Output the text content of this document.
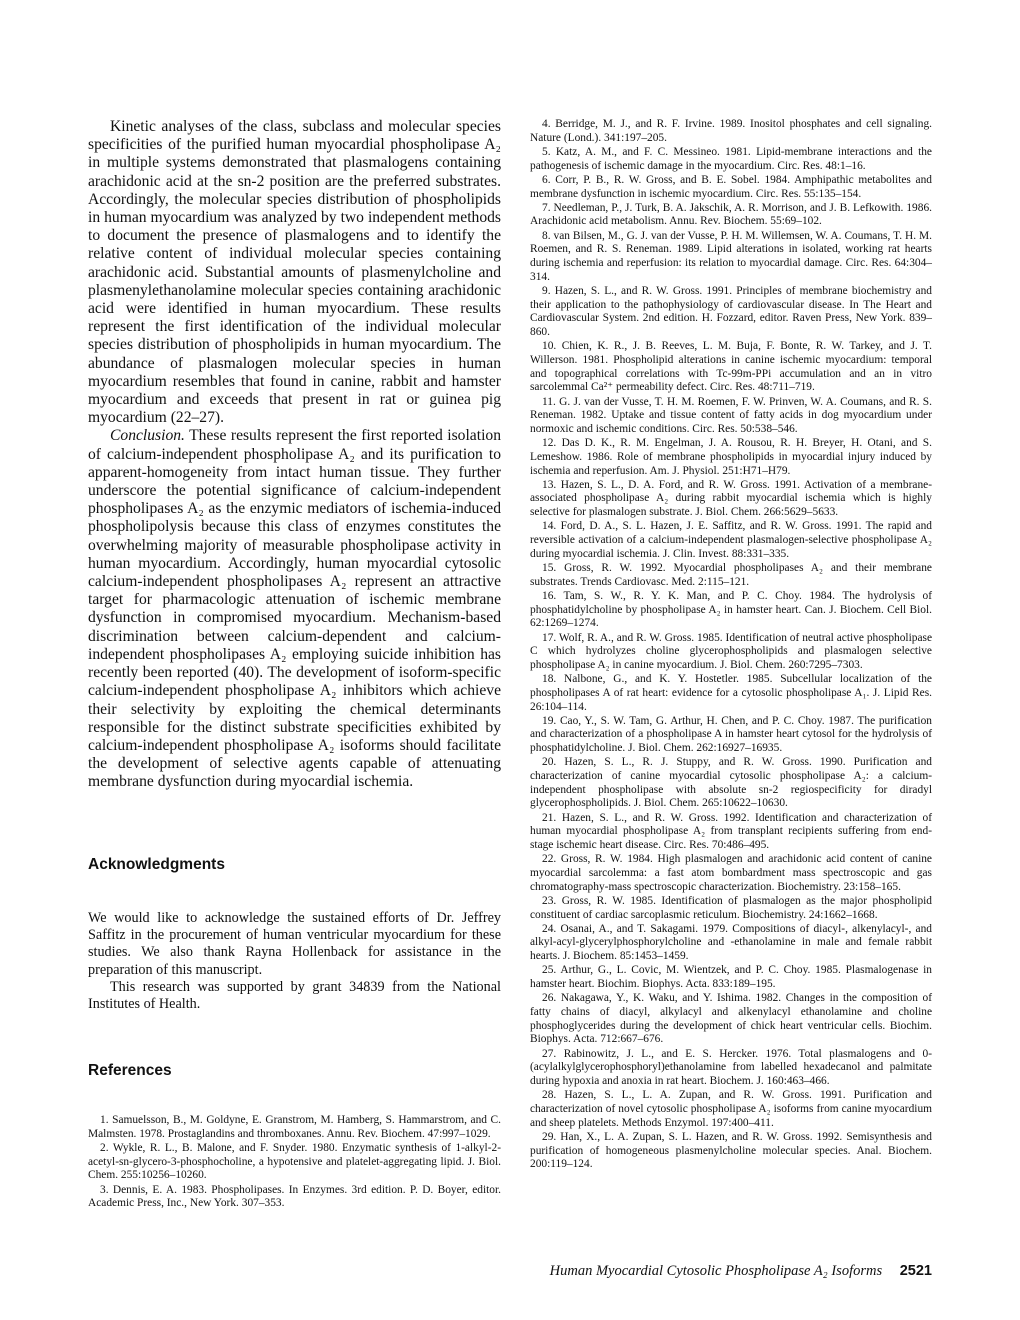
Kinetic analyses of the class, subclass and molecular species specificities of the purified human myocardial phospholipase A₂ in multiple systems demonstrated that plasmalogens containing arachidonic acid at the sn-2 position are the preferred substrates. Accordingly, the molecular species distribution of phospholipids in human myocardium was analyzed by two independent methods to document the presence of plasmalogens and to identify the relative content of individual molecular species containing arachidonic acid. Substantial amounts of plasmenylcholine and plasmenylethanolamine molecular species containing arachidonic acid were identified in human myocardium. These results represent the first identification of the individual molecular species distribution of phospholipids in human myocardium. The abundance of plasmalogen molecular species in human myocardium resembles that found in canine, rabbit and hamster myocardium and exceeds that present in rat or guinea pig myocardium (22–27).

Conclusion. These results represent the first reported isolation of calcium-independent phospholipase A₂ and its purification to apparent-homogeneity from intact human tissue. They further underscore the potential significance of calcium-independent phospholipases A₂ as the enzymic mediators of ischemia-induced phospholipolysis because this class of enzymes constitutes the overwhelming majority of measurable phospholipase activity in human myocardium. Accordingly, human myocardial cytosolic calcium-independent phospholipases A₂ represent an attractive target for pharmacologic attenuation of ischemic membrane dysfunction in compromised myocardium. Mechanism-based discrimination between calcium-dependent and calcium-independent phospholipases A₂ employing suicide inhibition has recently been reported (40). The development of isoform-specific calcium-independent phospholipase A₂ inhibitors which achieve their selectivity by exploiting the chemical determinants responsible for the distinct substrate specificities exhibited by calcium-independent phospholipase A₂ isoforms should facilitate the development of selective agents capable of attenuating membrane dysfunction during myocardial ischemia.

Acknowledgments

We would like to acknowledge the sustained efforts of Dr. Jeffrey Saffitz in the procurement of human ventricular myocardium for these studies. We also thank Rayna Hollenback for assistance in the preparation of this manuscript.

This research was supported by grant 34839 from the National Institutes of Health.

References

1. Samuelsson, B., M. Goldyne, E. Granstrom, M. Hamberg, S. Hammarstrom, and C. Malmsten. 1978. Prostaglandins and thromboxanes. Annu. Rev. Biochem. 47:997–1029.

2. Wykle, R. L., B. Malone, and F. Snyder. 1980. Enzymatic synthesis of 1-alkyl-2-acetyl-sn-glycero-3-phosphocholine, a hypotensive and platelet-aggregating lipid. J. Biol. Chem. 255:10256–10260.

3. Dennis, E. A. 1983. Phospholipases. In Enzymes. 3rd edition. P. D. Boyer, editor. Academic Press, Inc., New York. 307–353.

4. Berridge, M. J., and R. F. Irvine. 1989. Inositol phosphates and cell signaling. Nature (Lond.). 341:197–205.

5. Katz, A. M., and F. C. Messineo. 1981. Lipid-membrane interactions and the pathogenesis of ischemic damage in the myocardium. Circ. Res. 48:1–16.

6. Corr, P. B., R. W. Gross, and B. E. Sobel. 1984. Amphipathic metabolites and membrane dysfunction in ischemic myocardium. Circ. Res. 55:135–154.

7. Needleman, P., J. Turk, B. A. Jakschik, A. R. Morrison, and J. B. Lefkowith. 1986. Arachidonic acid metabolism. Annu. Rev. Biochem. 55:69–102.

8. van Bilsen, M., G. J. van der Vusse, P. H. M. Willemsen, W. A. Coumans, T. H. M. Roemen, and R. S. Reneman. 1989. Lipid alterations in isolated, working rat hearts during ischemia and reperfusion: its relation to myocardial damage. Circ. Res. 64:304–314.

9. Hazen, S. L., and R. W. Gross. 1991. Principles of membrane biochemistry and their application to the pathophysiology of cardiovascular disease. In The Heart and Cardiovascular System. 2nd edition. H. Fozzard, editor. Raven Press, New York. 839–860.

10. Chien, K. R., J. B. Reeves, L. M. Buja, F. Bonte, R. W. Tarkey, and J. T. Willerson. 1981. Phospholipid alterations in canine ischemic myocardium: temporal and topographical correlations with Tc-99m-PPi accumulation and an in vitro sarcolemmal Ca²⁺ permeability defect. Circ. Res. 48:711–719.

11. G. J. van der Vusse, T. H. M. Roemen, F. W. Prinven, W. A. Coumans, and R. S. Reneman. 1982. Uptake and tissue content of fatty acids in dog myocardium under normoxic and ischemic conditions. Circ. Res. 50:538–546.

12. Das D. K., R. M. Engelman, J. A. Rousou, R. H. Breyer, H. Otani, and S. Lemeshow. 1986. Role of membrane phospholipids in myocardial injury induced by ischemia and reperfusion. Am. J. Physiol. 251:H71–H79.

13. Hazen, S. L., D. A. Ford, and R. W. Gross. 1991. Activation of a membrane-associated phospholipase A₂ during rabbit myocardial ischemia which is highly selective for plasmalogen substrate. J. Biol. Chem. 266:5629–5633.

14. Ford, D. A., S. L. Hazen, J. E. Saffitz, and R. W. Gross. 1991. The rapid and reversible activation of a calcium-independent plasmalogen-selective phospholipase A₂ during myocardial ischemia. J. Clin. Invest. 88:331–335.

15. Gross, R. W. 1992. Myocardial phospholipases A₂ and their membrane substrates. Trends Cardiovasc. Med. 2:115–121.

16. Tam, S. W., R. Y. K. Man, and P. C. Choy. 1984. The hydrolysis of phosphatidylcholine by phospholipase A₂ in hamster heart. Can. J. Biochem. Cell Biol. 62:1269–1274.

17. Wolf, R. A., and R. W. Gross. 1985. Identification of neutral active phospholipase C which hydrolyzes choline glycerophospholipids and plasmalogen selective phospholipase A₂ in canine myocardium. J. Biol. Chem. 260:7295–7303.

18. Nalbone, G., and K. Y. Hostetler. 1985. Subcellular localization of the phospholipases A of rat heart: evidence for a cytosolic phospholipase A₁. J. Lipid Res. 26:104–114.

19. Cao, Y., S. W. Tam, G. Arthur, H. Chen, and P. C. Choy. 1987. The purification and characterization of a phospholipase A in hamster heart cytosol for the hydrolysis of phosphatidylcholine. J. Biol. Chem. 262:16927–16935.

20. Hazen, S. L., R. J. Stuppy, and R. W. Gross. 1990. Purification and characterization of canine myocardial cytosolic phospholipase A₂: a calcium-independent phospholipase with absolute sn-2 regiospecificity for diradyl glycerophospholipids. J. Biol. Chem. 265:10622–10630.

21. Hazen, S. L., and R. W. Gross. 1992. Identification and characterization of human myocardial phospholipase A₂ from transplant recipients suffering from end-stage ischemic heart disease. Circ. Res. 70:486–495.

22. Gross, R. W. 1984. High plasmalogen and arachidonic acid content of canine myocardial sarcolemma: a fast atom bombardment mass spectroscopic and gas chromatography-mass spectroscopic characterization. Biochemistry. 23:158–165.

23. Gross, R. W. 1985. Identification of plasmalogen as the major phospholipid constituent of cardiac sarcoplasmic reticulum. Biochemistry. 24:1662–1668.

24. Osanai, A., and T. Sakagami. 1979. Compositions of diacyl-, alkenylacyl-, and alkyl-acyl-glycerylphosphorylcholine and -ethanolamine in male and female rabbit hearts. J. Biochem. 85:1453–1459.

25. Arthur, G., L. Covic, M. Wientzek, and P. C. Choy. 1985. Plasmalogenase in hamster heart. Biochim. Biophys. Acta. 833:189–195.

26. Nakagawa, Y., K. Waku, and Y. Ishima. 1982. Changes in the composition of fatty chains of diacyl, alkylacyl and alkenylacyl ethanolamine and choline phosphoglycerides during the development of chick heart ventricular cells. Biochim. Biophys. Acta. 712:667–676.

27. Rabinowitz, J. L., and E. S. Hercker. 1976. Total plasmalogens and 0-(acylalkylglycerophosphoryl)ethanolamine from labelled hexadecanol and palmitate during hypoxia and anoxia in rat heart. Biochem. J. 160:463–466.

28. Hazen, S. L., L. A. Zupan, and R. W. Gross. 1991. Purification and characterization of novel cytosolic phospholipase A₂ isoforms from canine myocardium and sheep platelets. Methods Enzymol. 197:400–411.

29. Han, X., L. A. Zupan, S. L. Hazen, and R. W. Gross. 1992. Semisynthesis and purification of homogeneous plasmenylcholine molecular species. Anal. Biochem. 200:119–124.

Human Myocardial Cytosolic Phospholipase A₂ Isoforms 2521
